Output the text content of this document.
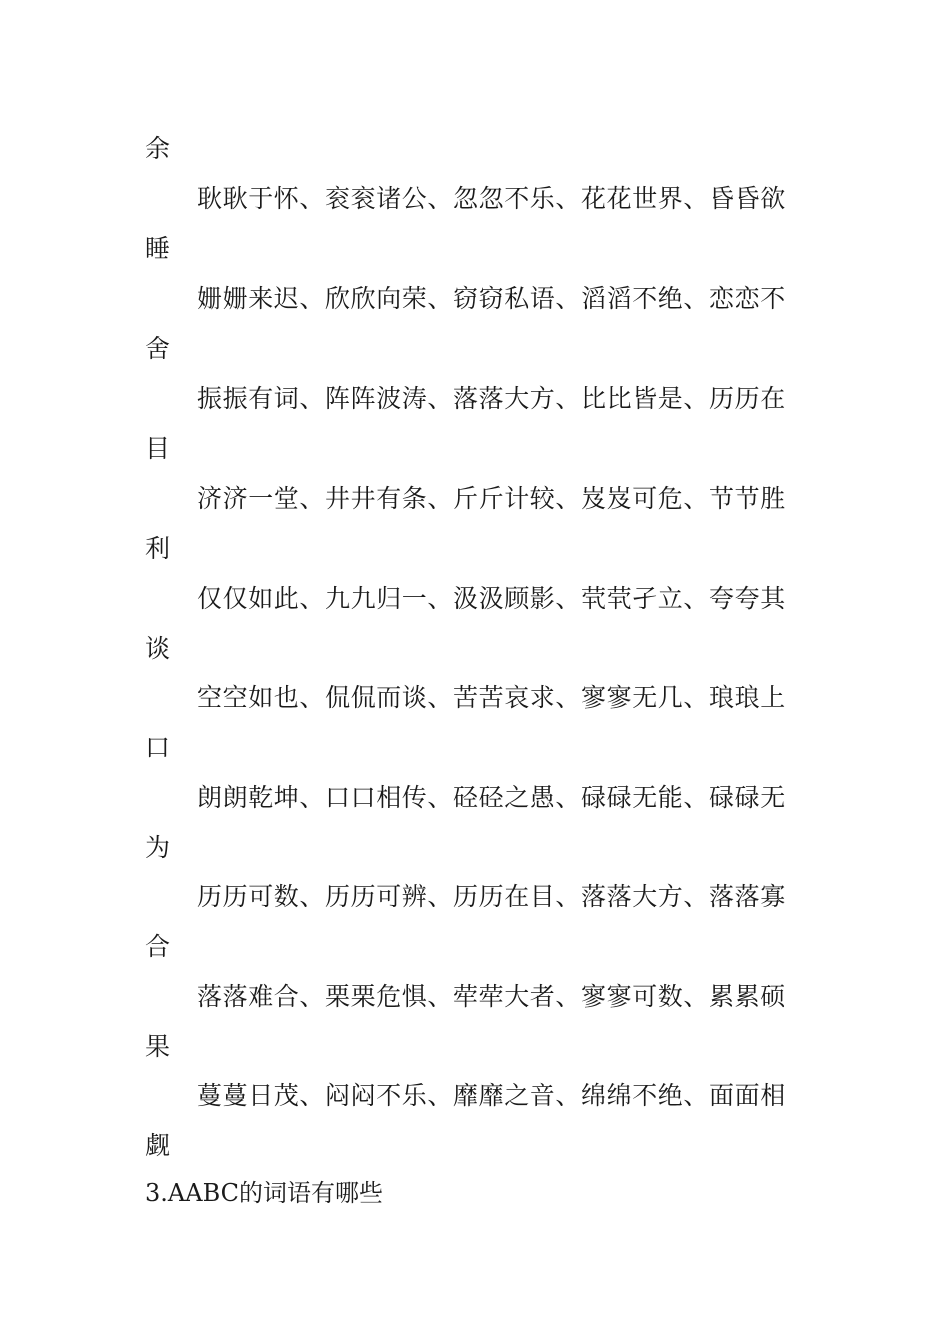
余
耿耿于怀、衮衮诸公、忽忽不乐、花花世界、昏昏欲
睡
姗姗来迟、欣欣向荣、窃窃私语、滔滔不绝、恋恋不
舍
振振有词、阵阵波涛、落落大方、比比皆是、历历在
目
济济一堂、井井有条、斤斤计较、岌岌可危、节节胜
利
仅仅如此、九九归一、汲汲顾影、茕茕孑立、夸夸其
谈
空空如也、侃侃而谈、苦苦哀求、寥寥无几、琅琅上
口
朗朗乾坤、口口相传、硁硁之愚、碌碌无能、碌碌无
为
历历可数、历历可辨、历历在目、落落大方、落落寡
合
落落难合、栗栗危惧、荦荦大者、寥寥可数、累累硕
果
蔓蔓日茂、闷闷不乐、靡靡之音、绵绵不绝、面面相
觑
3.AABC的词语有哪些
